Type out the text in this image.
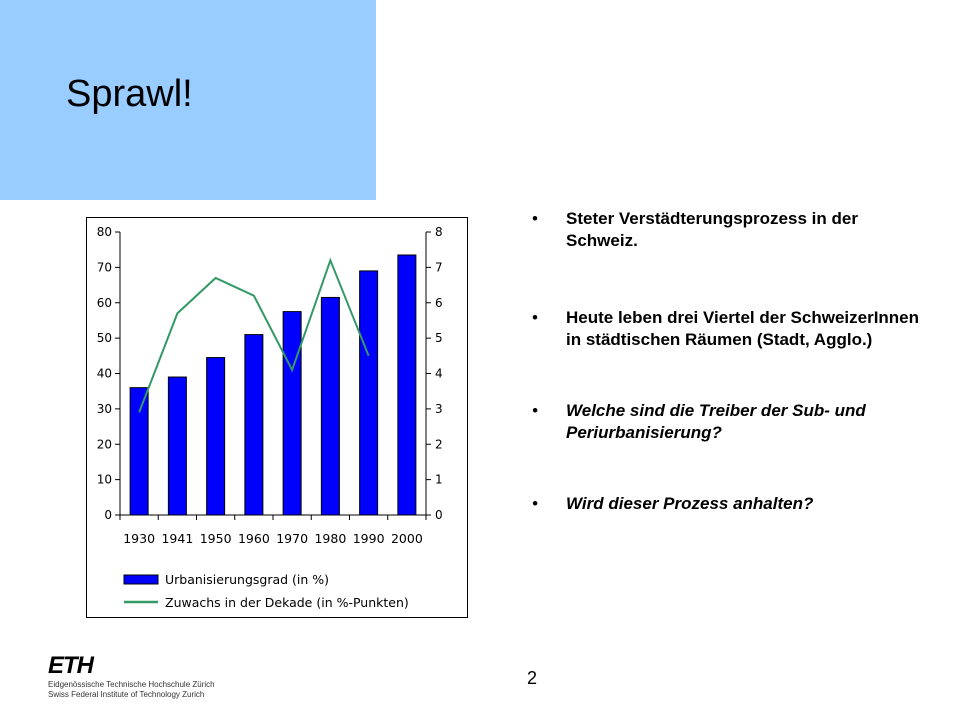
Sprawl!
0
10
20
30
40
50
60
70
80
0
1
2
3
4
5
6
7
8
1930 1941 1950 1960 1970 1980 1990 2000
Urbanisierungsgrad (in %)
Zuwachs in der Dekade (in %-Punkten)
• Steter Verstädterungsprozess in der Schweiz.
• Heute leben drei Viertel der SchweizerInnen in städtischen Räumen (Stadt, Agglo.)
• Welche sind die Treiber der Sub- und Periurbanisierung?
• Wird dieser Prozess anhalten?
ETH
Eidgenössische Technische Hochschule Zürich
Swiss Federal Institute of Technology Zurich
2
